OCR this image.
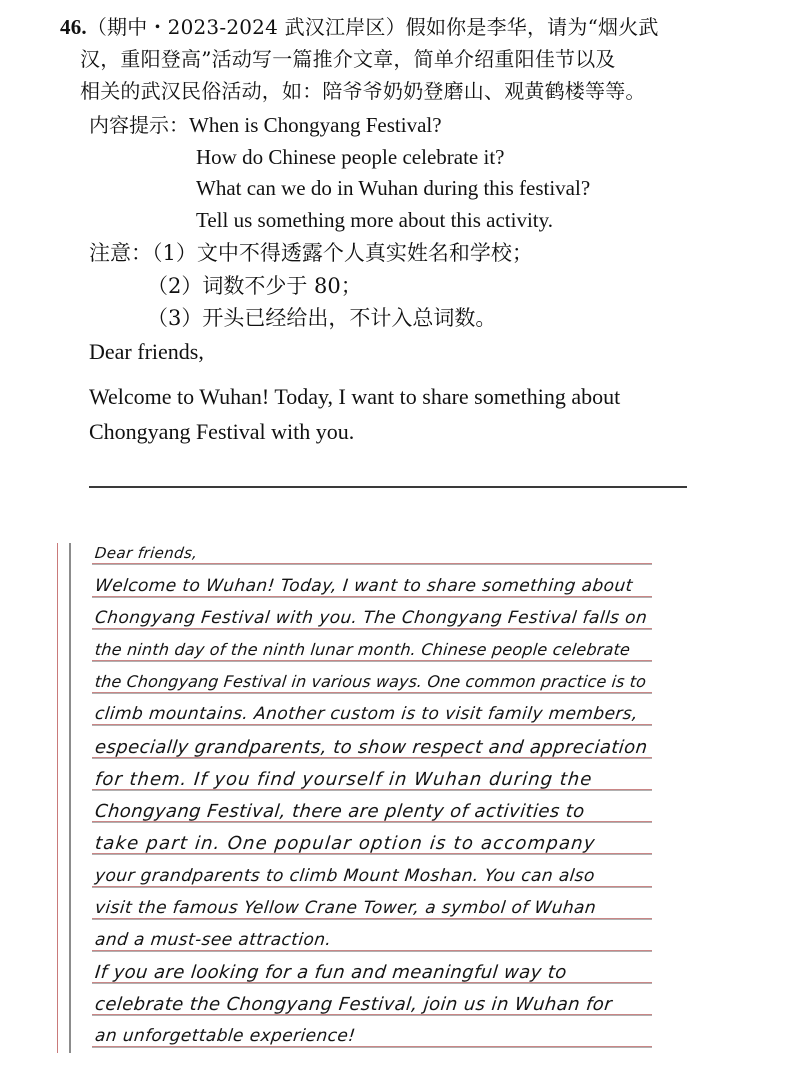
46.（期中・2023-2024 武汉江岸区）假如你是李华，请为“烟火武
汉，重阳登高”活动写一篇推介文章，简单介绍重阳佳节以及
相关的武汉民俗活动，如：陪爷爷奶奶登磨山、观黄鹤楼等等。
内容提示：When is Chongyang Festival?
How do Chinese people celebrate it?
What can we do in Wuhan during this festival?
Tell us something more about this activity.
注意：（1）文中不得透露个人真实姓名和学校；
（2）词数不少于 80；
（3）开头已经给出，不计入总词数。
Dear friends,
Welcome to Wuhan! Today, I want to share something about
Chongyang Festival with you.
Dear friends,
Welcome to Wuhan! Today, I want to share something about
Chongyang Festival with you. The Chongyang Festival falls on
the ninth day of the ninth lunar month. Chinese people celebrate
the Chongyang Festival in various ways. One common practice is to
climb mountains. Another custom is to visit family members,
especially grandparents, to show respect and appreciation
for them. If you find yourself in Wuhan during the
Chongyang Festival, there are plenty of activities to
take part in. One popular option is to accompany
your grandparents to climb Mount Moshan. You can also
visit the famous Yellow Crane Tower, a symbol of Wuhan
and a must-see attraction.
If you are looking for a fun and meaningful way to
celebrate the Chongyang Festival, join us in Wuhan for
an unforgettable experience!
